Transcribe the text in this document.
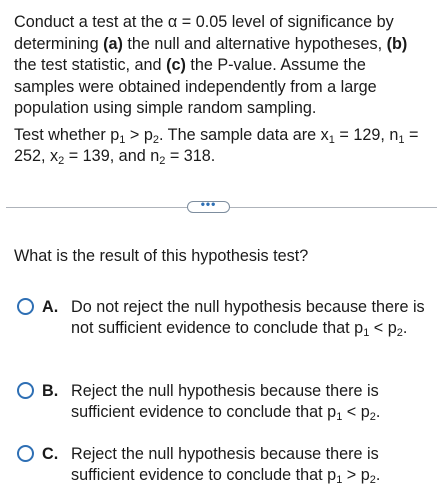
Conduct a test at the α = 0.05 level of significance by determining (a) the null and alternative hypotheses, (b) the test statistic, and (c) the P-value. Assume the samples were obtained independently from a large population using simple random sampling.

Test whether $p_1 > p_2$. The sample data are $x_1 = 129$, $n_1 = 252$, $x_2 = 139$, and $n_2 = 318$.

•••
What is the result of this hypothesis test?
A. Do not reject the null hypothesis because there is not sufficient evidence to conclude that $p_1 < p_2$.
B. Reject the null hypothesis because there is sufficient evidence to conclude that $p_1 < p_2$.
C. Reject the null hypothesis because there is sufficient evidence to conclude that $p_1 > p_2$.
